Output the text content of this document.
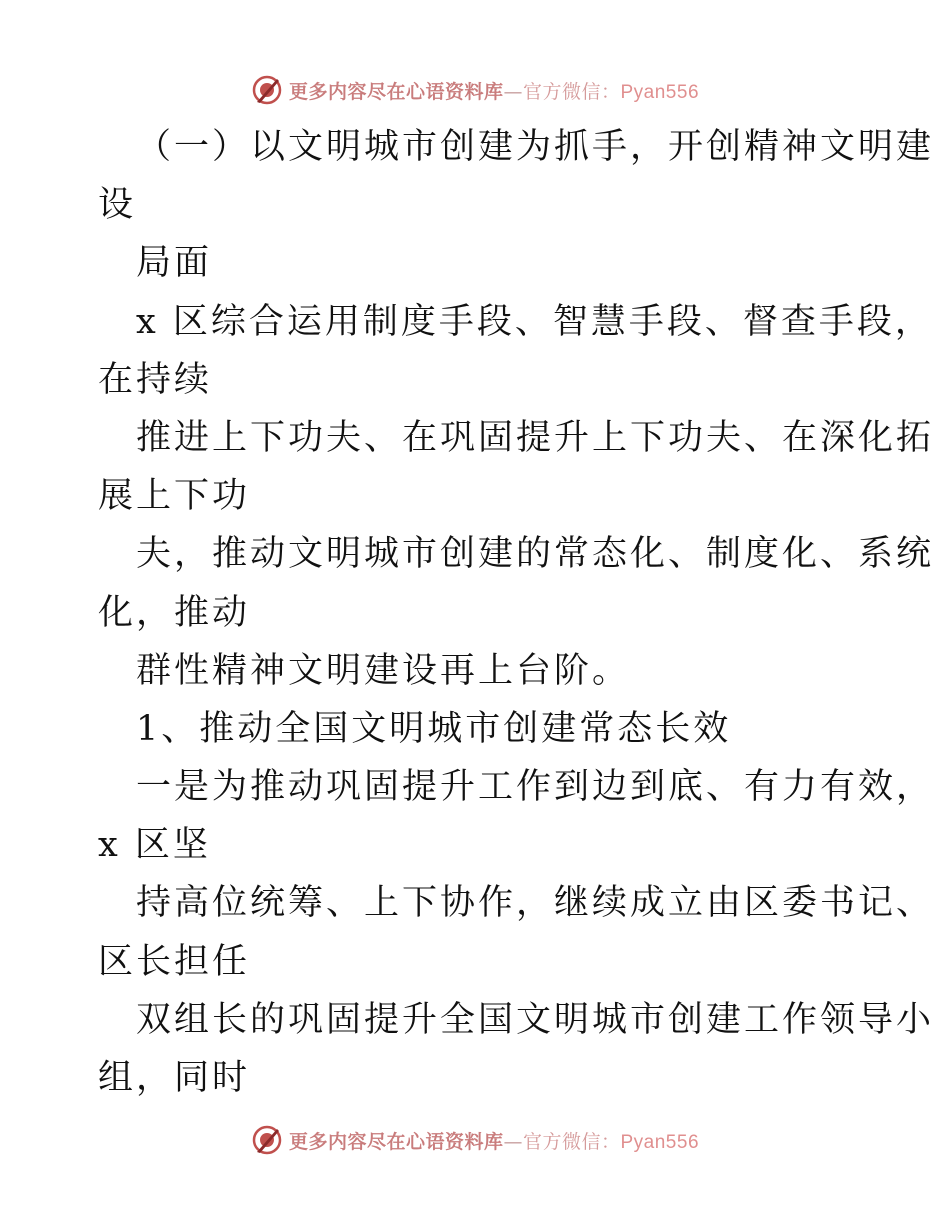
更多内容尽在心语资料库—官方微信：Pyan556
（一）以文明城市创建为抓手，开创精神文明建
设
局面
x 区综合运用制度手段、智慧手段、督查手段，
在持续
推进上下功夫、在巩固提升上下功夫、在深化拓
展上下功
夫，推动文明城市创建的常态化、制度化、系统
化，推动
群性精神文明建设再上台阶。
1、推动全国文明城市创建常态长效
一是为推动巩固提升工作到边到底、有力有效，
x 区坚
持高位统筹、上下协作，继续成立由区委书记、
区长担任
双组长的巩固提升全国文明城市创建工作领导小
组，同时
更多内容尽在心语资料库—官方微信：Pyan556
